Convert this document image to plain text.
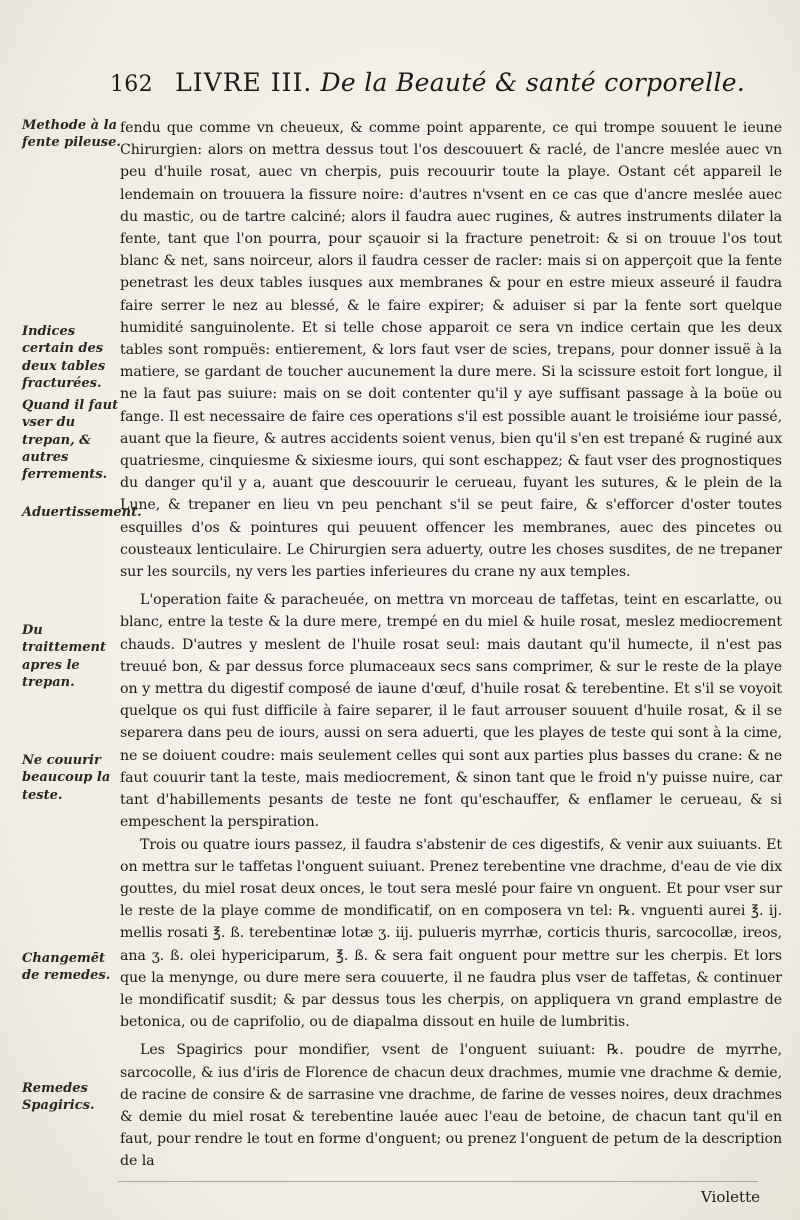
162 LIVRE III. De la Beauté & santé corporelle.
Methode à la fente pileuse.
Indices certain des deux tables fracturées.
Quand il faut vser du trepan, & autres ferrements.
Aduertissement.
Du traittement apres le trepan.
Ne couurir beaucoup la teste.
Changemēt de remedes.
Remedes Spagirics.

fendu que comme vn cheueux, & comme point apparente, ce qui trompe souuent le ieune Chirurgien: alors on mettra dessus tout l'os descouuert & raclé, de l'ancre meslée auec vn peu d'huile rosat, auec vn cherpis, puis recouurir toute la playe. Ostant cét appareil le lendemain on trouuera la fissure noire: d'autres n'vsent en ce cas que d'ancre meslée auec du mastic, ou de tartre calciné; alors il faudra auec rugines, & autres instruments dilater la fente, tant que l'on pourra, pour sçauoir si la fracture penetroit: & si on trouue l'os tout blanc & net, sans noirceur, alors il faudra cesser de racler: mais si on apperçoit que la fente penetrast les deux tables iusques aux membranes & pour en estre mieux asseuré il faudra faire serrer le nez au blessé, & le faire expirer; & aduiser si par la fente sort quelque humidité sanguinolente. Et si telle chose apparoit ce sera vn indice certain que les deux tables sont rompuës: entierement, & lors faut vser de scies, trepans, pour donner issuë à la matiere, se gardant de toucher aucunement la dure mere. Si la scissure estoit fort longue, il ne la faut pas suiure: mais on se doit contenter qu'il y aye suffisant passage à la boüe ou fange. Il est necessaire de faire ces operations s'il est possible auant le troisiéme iour passé, auant que la fieure, & autres accidents soient venus, bien qu'il s'en est trepané & ruginé aux quatriesme, cinquiesme & sixiesme iours, qui sont eschappez; & faut vser des prognostiques du danger qu'il y a, auant que descouurir le cerueau, fuyant les sutures, & le plein de la Lune, & trepaner en lieu vn peu penchant s'il se peut faire, & s'efforcer d'oster toutes esquilles d'os & pointures qui peuuent offencer les membranes, auec des pincetes ou cousteaux lenticulaire. Le Chirurgien sera aduerty, outre les choses susdites, de ne trepaner sur les sourcils, ny vers les parties inferieures du crane ny aux temples.

L'operation faite & paracheuée, on mettra vn morceau de taffetas, teint en escarlatte, ou blanc, entre la teste & la dure mere, trempé en du miel & huile rosat, meslez mediocrement chauds. D'autres y meslent de l'huile rosat seul: mais dautant qu'il humecte, il n'est pas treuué bon, & par dessus force plumaceaux secs sans comprimer, & sur le reste de la playe on y mettra du digestif composé de iaune d'œuf, d'huile rosat & terebentine. Et s'il se voyoit quelque os qui fust difficile à faire separer, il le faut arrouser souuent d'huile rosat, & il se separera dans peu de iours, aussi on sera aduerti, que les playes de teste qui sont à la cime, ne se doiuent coudre: mais seulement celles qui sont aux parties plus basses du crane: & ne faut couurir tant la teste, mais mediocrement, & sinon tant que le froid n'y puisse nuire, car tant d'habillements pesants de teste ne font qu'eschauffer, & enflamer le cerueau, & si empeschent la perspiration.

Trois ou quatre iours passez, il faudra s'abstenir de ces digestifs, & venir aux suiuants. Et on mettra sur le taffetas l'onguent suiuant. Prenez terebentine vne drachme, d'eau de vie dix gouttes, du miel rosat deux onces, le tout sera meslé pour faire vn onguent. Et pour vser sur le reste de la playe comme de mondificatif, on en composera vn tel: ℞. vnguenti aurei ℥. ij. mellis rosati ℥. ß. terebentinæ lotæ ʒ. iij. pulueris myrrhæ, corticis thuris, sarcocollæ, ireos, ana ʒ. ß. olei hypericiparum, ℥. ß. & sera fait onguent pour mettre sur les cherpis. Et lors que la menynge, ou dure mere sera couuerte, il ne faudra plus vser de taffetas, & continuer le mondificatif susdit; & par dessus tous les cherpis, on appliquera vn grand emplastre de betonica, ou de caprifolio, ou de diapalma dissout en huile de lumbritis.

Les Spagirics pour mondifier, vsent de l'onguent suiuant: ℞. poudre de myrrhe, sarcocolle, & ius d'iris de Florence de chacun deux drachmes, mumie vne drachme & demie, de racine de consire & de sarrasine vne drachme, de farine de vesses noires, deux drachmes & demie du miel rosat & terebentine lauée auec l'eau de betoine, de chacun tant qu'il en faut, pour rendre le tout en forme d'onguent; ou prenez l'onguent de petum de la description de la

Violette
